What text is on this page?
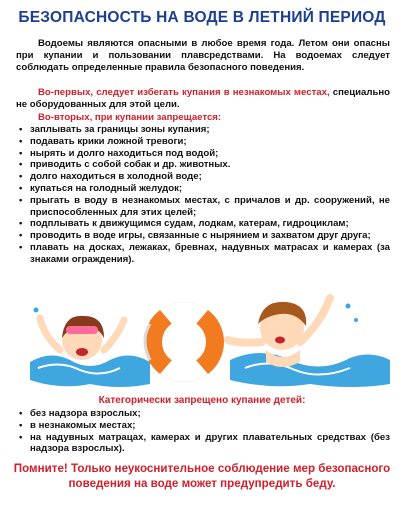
БЕЗОПАСНОСТЬ НА ВОДЕ В ЛЕТНИЙ ПЕРИОД
Водоемы являются опасными в любое время года. Летом они опасны при купании и пользовании плавсредствами. На водоемах следует соблюдать определенные правила безопасного поведения.
Во-первых, следует избегать купания в незнакомых местах, специально не оборудованных для этой цели.
Во-вторых, при купании запрещается:
• заплывать за границы зоны купания;
• подавать крики ложной тревоги;
• нырять и долго находиться под водой;
• приводить с собой собак и др. животных.
• долго находиться в холодной воде;
• купаться на голодный желудок;
• прыгать в воду в незнакомых местах, с причалов и др. сооружений, не приспособленных для этих целей;
• подплывать к движущимся судам, лодкам, катерам, гидроциклам;
• проводить в воде игры, связанные с нырянием и захватом друг друга;
• плавать на досках, лежаках, бревнах, надувных матрасах и камерах (за знаками ограждения).
Категорически запрещено купание детей:
• без надзора взрослых;
• в незнакомых местах;
• на надувных матрацах, камерах и других плавательных средствах (без надзора взрослых).
Помните! Только неукоснительное соблюдение мер безопасного поведения на воде может предупредить беду.
